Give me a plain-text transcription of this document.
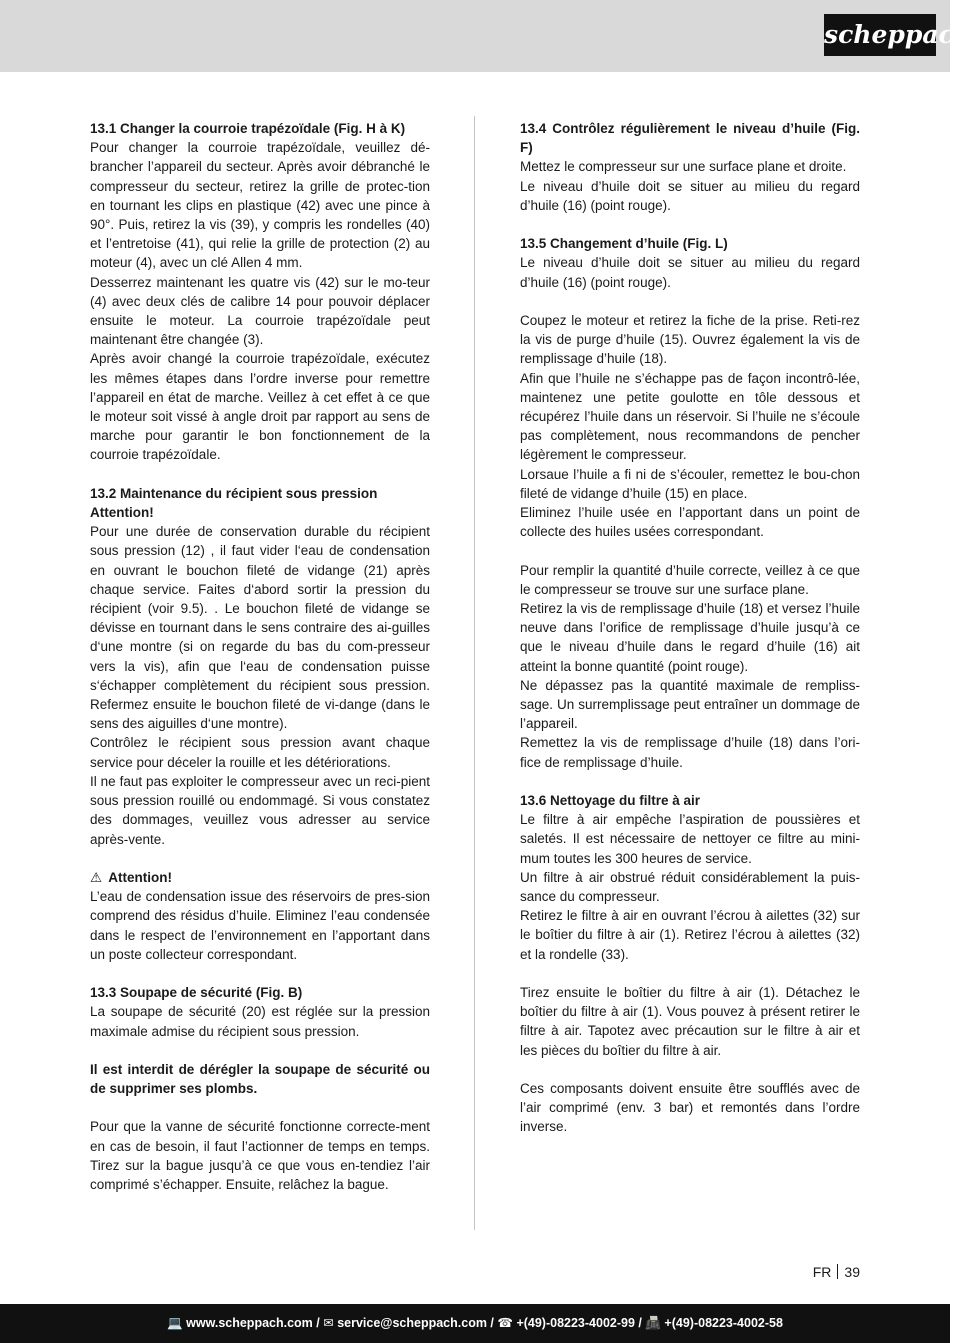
scheppach
13.1 Changer la courroie trapézoïdale (Fig. H à K)

Pour changer la courroie trapézoïdale, veuillez dé-brancher l’appareil du secteur. Après avoir débranché le compresseur du secteur, retirez la grille de protec-tion en tournant les clips en plastique (42) avec une pince à 90°. Puis, retirez la vis (39), y compris les rondelles (40) et l’entretoise (41), qui relie la grille de protection (2) au moteur (4), avec un clé Allen 4 mm.

Desserrez maintenant les quatre vis (42) sur le mo-teur (4) avec deux clés de calibre 14 pour pouvoir déplacer ensuite le moteur. La courroie trapézoïdale peut maintenant être changée (3).

Après avoir changé la courroie trapézoïdale, exécutez les mêmes étapes dans l’ordre inverse pour remettre l’appareil en état de marche. Veillez à cet effet à ce que le moteur soit vissé à angle droit par rapport au sens de marche pour garantir le bon fonctionnement de la courroie trapézoïdale.

13.2 Maintenance du récipient sous pression
Attention!

Pour une durée de conservation durable du récipient sous pression (12) , il faut vider l‘eau de condensation en ouvrant le bouchon fileté de vidange (21) après chaque service. Faites d‘abord sortir la pression du récipient (voir 9.5). . Le bouchon fileté de vidange se dévisse en tournant dans le sens contraire des ai-guilles d‘une montre (si on regarde du bas du com-presseur vers la vis), afin que l‘eau de condensation puisse s‘échapper complètement du récipient sous pression. Refermez ensuite le bouchon fileté de vi-dange (dans le sens des aiguilles d‘une montre).

Contrôlez le récipient sous pression avant chaque service pour déceler la rouille et les détériorations.

Il ne faut pas exploiter le compresseur avec un reci-pient sous pression rouillé ou endommagé. Si vous constatez des dommages, veuillez vous adresser au service après-vente.

⚠ Attention!

L’eau de condensation issue des réservoirs de pres-sion comprend des résidus d’huile. Eliminez l’eau condensée dans le respect de l’environnement en l’apportant dans un poste collecteur correspondant.

13.3 Soupape de sécurité (Fig. B)

La soupape de sécurité (20) est réglée sur la pression maximale admise du récipient sous pression.

Il est interdit de dérégler la soupape de sécurité ou de supprimer ses plombs.

Pour que la vanne de sécurité fonctionne correcte-ment en cas de besoin, il faut l’actionner de temps en temps. Tirez sur la bague jusqu’à ce que vous en-tendiez l’air comprimé s’échapper. Ensuite, relâchez la bague.

13.4 Contrôlez régulièrement le niveau d’huile (Fig. F)

Mettez le compresseur sur une surface plane et droite.

Le niveau d’huile doit se situer au milieu du regard d’huile (16) (point rouge).

13.5 Changement d’huile (Fig. L)

Le niveau d’huile doit se situer au milieu du regard d’huile (16) (point rouge).

Coupez le moteur et retirez la fiche de la prise. Reti-rez la vis de purge d’huile (15). Ouvrez également la vis de remplissage d’huile (18).

Afin que l’huile ne s’échappe pas de façon incontrô-lée, maintenez une petite goulotte en tôle dessous et récupérez l’huile dans un réservoir. Si l’huile ne s’écoule pas complètement, nous recommandons de pencher légèrement le compresseur.

Lorsaue l’huile a fi ni de s’écouler, remettez le bou-chon fileté de vidange d’huile (15) en place.

Eliminez l’huile usée en l’apportant dans un point de collecte des huiles usées correspondant.

Pour remplir la quantité d’huile correcte, veillez à ce que le compresseur se trouve sur une surface plane.

Retirez la vis de remplissage d’huile (18) et versez l’huile neuve dans l’orifice de remplissage d’huile jusqu’à ce que le niveau d’huile dans le regard d’huile (16) ait atteint la bonne quantité (point rouge).

Ne dépassez pas la quantité maximale de rempliss-sage. Un surremplissage peut entraîner un dommage de l’appareil.

Remettez la vis de remplissage d’huile (18) dans l’ori-fice de remplissage d’huile.

13.6 Nettoyage du filtre à air

Le filtre à air empêche l’aspiration de poussières et saletés. Il est nécessaire de nettoyer ce filtre au mini-mum toutes les 300 heures de service.

Un filtre à air obstrué réduit considérablement la puis-sance du compresseur.

Retirez le filtre à air en ouvrant l’écrou à ailettes (32) sur le boîtier du filtre à air (1). Retirez l’écrou à ailettes (32) et la rondelle (33).

Tirez ensuite le boîtier du filtre à air (1). Détachez le boîtier du filtre à air (1). Vous pouvez à présent retirer le filtre à air. Tapotez avec précaution sur le filtre à air et les pièces du boîtier du filtre à air.

Ces composants doivent ensuite être soufflés avec de l’air comprimé (env. 3 bar) et remontés dans l’ordre inverse.

FR 39
💻 www.scheppach.com / ✉ service@scheppach.com / ☎ +(49)-08223-4002-99 / 📠 +(49)-08223-4002-58
